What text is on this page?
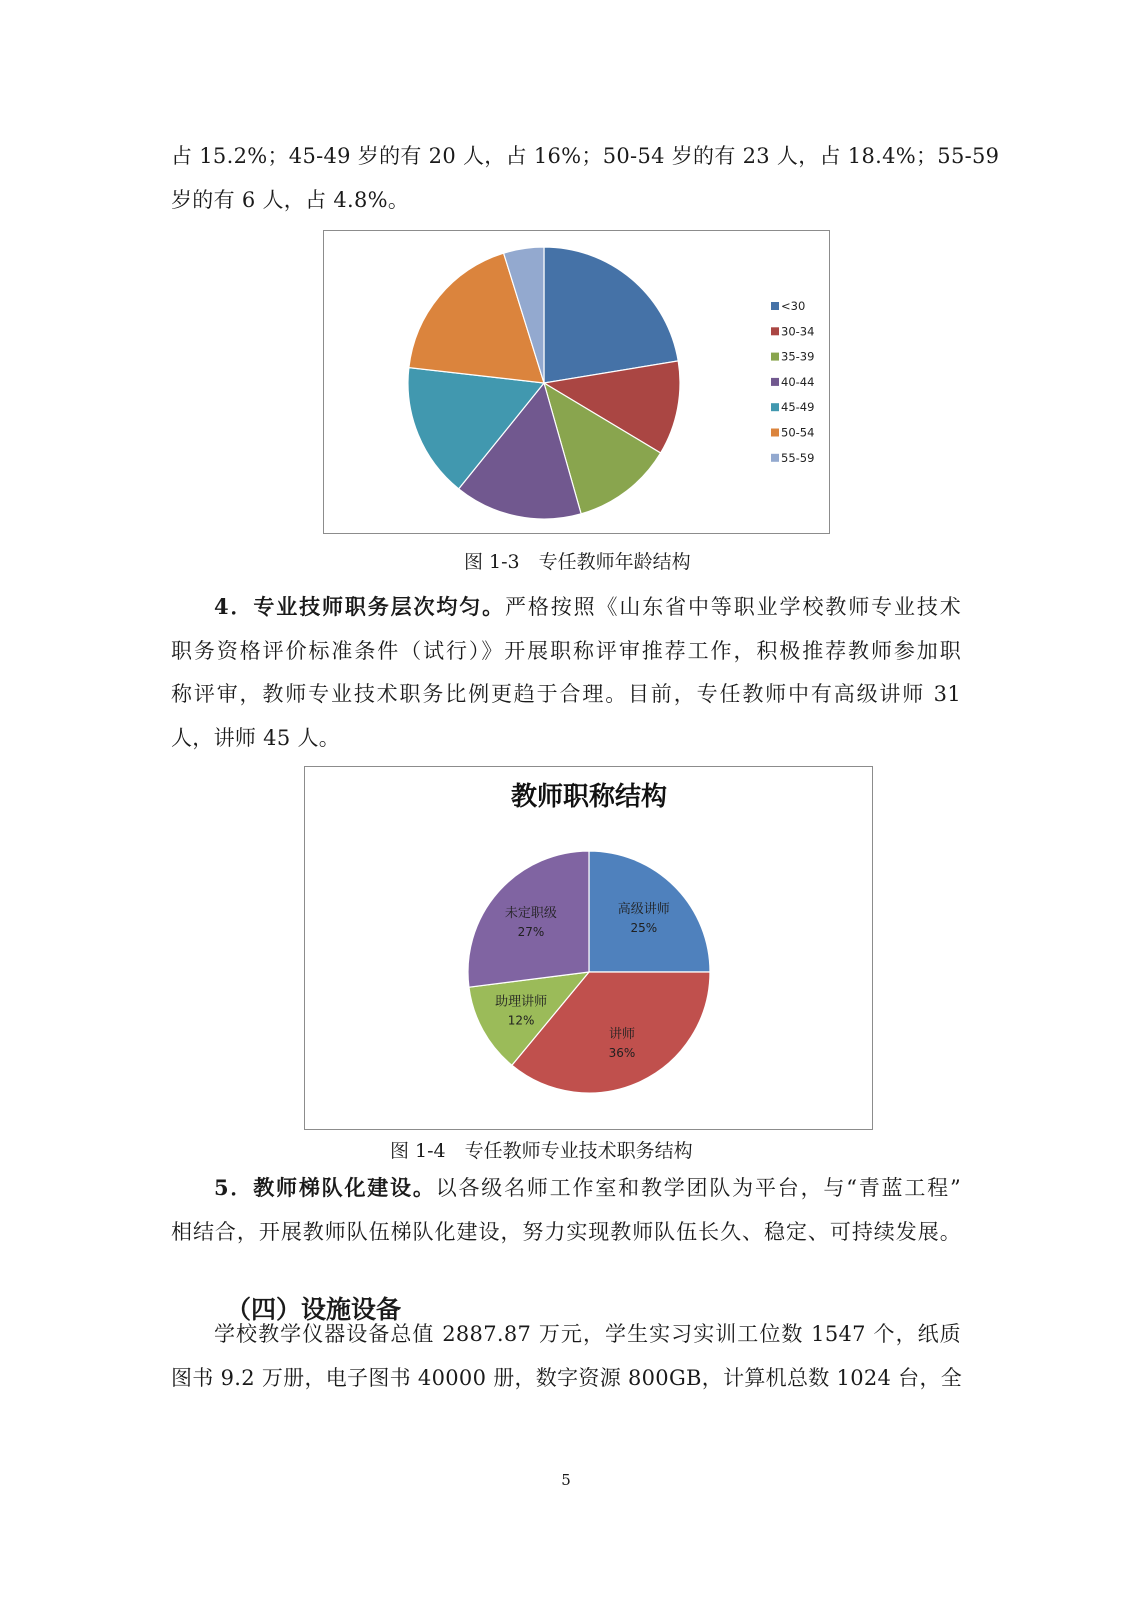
占 15.2%；45-49 岁的有 20 人，占 16%；50-54 岁的有 23 人，占 18.4%；55-59
岁的有 6 人，占 4.8%。
<30
30-34
35-39
40-44
45-49
50-54
55-59
图 1-3　专任教师年龄结构
4．专业技师职务层次均匀。严格按照《山东省中等职业学校教师专业技术
职务资格评价标准条件（试行）》开展职称评审推荐工作，积极推荐教师参加职
称评审，教师专业技术职务比例更趋于合理。目前，专任教师中有高级讲师 31
人，讲师 45 人。
教师职称结构
高级讲师
25%
讲师
36%
助理讲师
12%
未定职级
27%
图 1-4　专任教师专业技术职务结构
5．教师梯队化建设。以各级名师工作室和教学团队为平台，与“青蓝工程”
相结合，开展教师队伍梯队化建设，努力实现教师队伍长久、稳定、可持续发展。
（四）设施设备
学校教学仪器设备总值 2887.87 万元，学生实习实训工位数 1547 个，纸质
图书 9.2 万册，电子图书 40000 册，数字资源 800GB，计算机总数 1024 台，全
5
